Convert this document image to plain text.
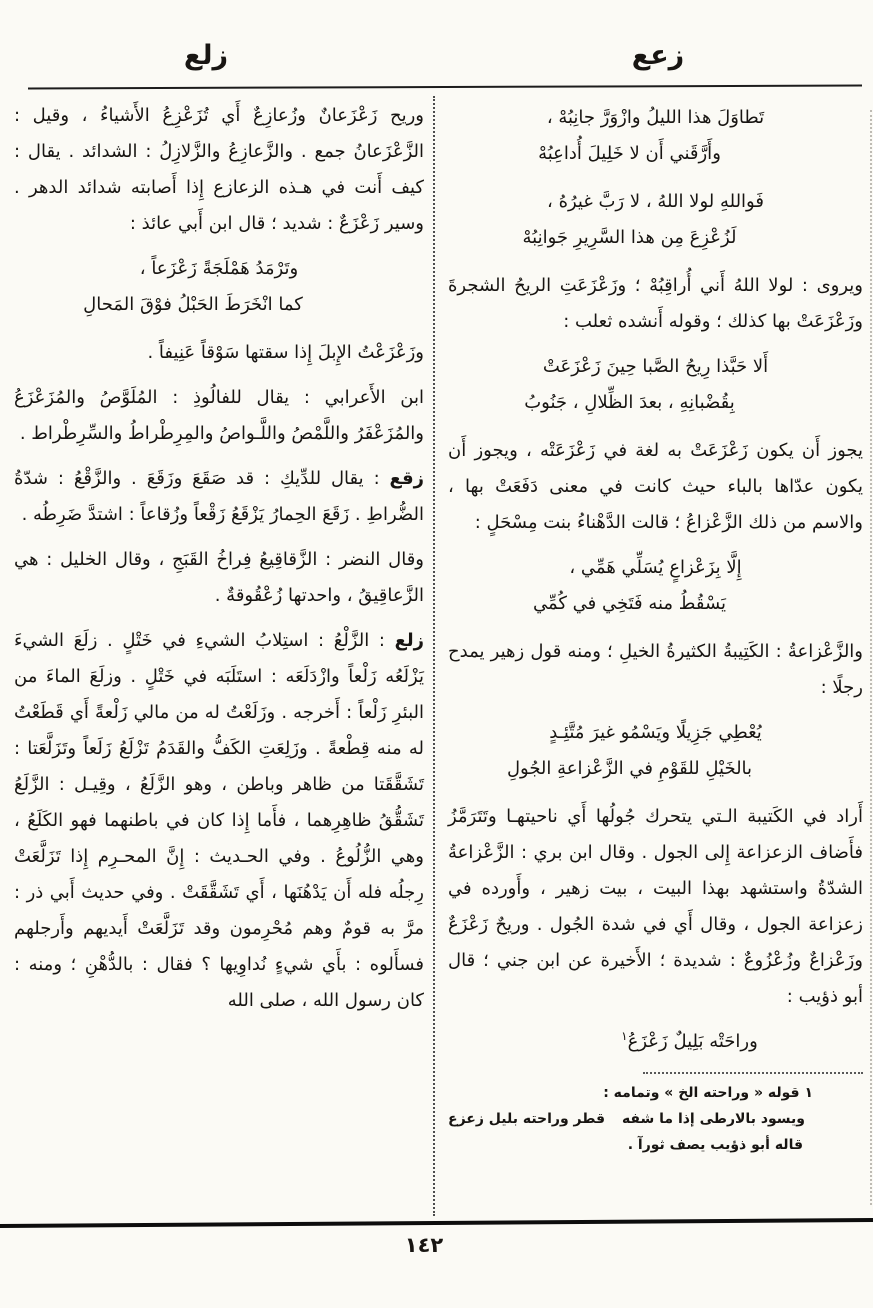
زلع	زعع
تَطاوَلَ هذا الليلُ وازْوَرَّ جانِبُهْ ،
وأَرَّقَني أَن لا خَلِيلَ أُداعِبُهْ
فَواللهِ لولا اللهُ ، لا رَبَّ غيرُهُ ،
لَزُعْزِعَ مِن هذا السَّرِيرِ جَوانِبُهْ
ويروى : لولا اللهُ أَني أُراقِبُهْ ؛ وزَعْزَعَتِ الريحُ الشجرةَ وزَعْزَعَتْ بها كذلك ؛ وقوله أَنشده ثعلب :
أَلا حَبَّذا رِيحُ الصَّبا حِينَ زَعْزَعَتْ
بِقُضْبانِهِ ، بعدَ الظِّلالِ ، جَنُوبُ
يجوز أَن يكون زَعْزَعَتْ به لغة في زَعْزَعَتْه ، ويجوز أَن يكون عدّاها بالباء حيث كانت في معنى دَفَعَتْ بها ، والاسم من ذلك الزَّعْزاعُ ؛ قالت الدَّهْناءُ بنت مِسْحَلٍ :
إِلَّا بِزَعْزاعٍ يُسَلِّي هَمِّي ،
يَسْقُطُ منه فَتَخِي في كُمِّي
والزَّعْزاعةُ : الكَتِيبةُ الكثيرةُ الخيلِ ؛ ومنه قول زهير يمدح رجلًا :
يُعْطِي جَزِيلًا ويَسْمُو غيرَ مُتَّئِـدٍ
بالخَيْلِ للقَوْمِ في الزَّعْزاعةِ الجُولِ
أَراد في الكَتيبة الـتي يتحرك جُولُها أَي ناحيتهـا وتَتَرَمَّزُ فأَضاف الزعزاعة إِلى الجول . وقال ابن بري : الزَّعْزاعةُ الشدّةُ واستشهد بهذا البيت ، بيت زهير ، وأَورده في زعزاعة الجول ، وقال أَي في شدة الجُول . وريحٌ زَعْزَعٌ وزَعْزاعٌ وزُعْزُوعٌ : شديدة ؛ الأَخيرة عن ابن جني ؛ قال أبو ذؤيب :
وراحَتْه بَلِيلٌ زَعْزَعُ$^١$
١ قوله « وراحته الخ » وتمامه :
ويسود بالارطى إذا ما شفه
قطر وراحته بليل زعزع
قاله أبو ذؤيب يصف ثورآ .
وريح زَعْزَعانٌ وزُعازِعٌ أَي تُزَعْزِعُ الأَشياءُ ، وقيل : الزَّعْزَعانُ جمع . والزَّعازِعُ والزَّلازِلُ : الشدائد . يقال : كيف أَنت في هـذه الزعازع إِذا أَصابته شدائد الدهر . وسير زَعْزَعٌ : شديد ؛ قال ابن أَبي عائذ :
وتَرْمَدُ هَمْلَجَةً زَعْزَعاً ،
كما انْخَرَطَ الحَبْلُ فوْقَ المَحالِ
وزَعْزَعْتُ الإِبلَ إِذا سقتها سَوْقاً عَنِيفاً .
ابن الأَعرابي : يقال للفالُوذِ : المُلَوَّصُ والمُزَعْزَعُ والمُزَعْفَرُ واللَّمْصُ واللَّـواصُ والمِرِطْراطُ والسِّرِطْراط .
زقع : يقال للدِّيكِ : قد صَقَعَ وزَقَعَ . والزَّقْعُ : شدّةُ الضُّراطِ . زَقَعَ الحِمارُ يَزْقَعُ زَقْعاً وزُقاعاً : اشتدَّ ضَرِطُه .
وقال النضر : الزَّقاقِيعُ فِراخُ القَبَجِ ، وقال الخليل : هي الزَّعاقِيقُ ، واحدتها زُعْقُوقةٌ .
زلع : الزَّلْعُ : استِلابُ الشيءِ في خَتْلٍ . زلَعَ الشيءَ يَزْلَعُه زَلْعاً وازْدَلَعَه : استَلَبَه في خَتْلٍ . وزلَعَ الماءَ من البئرِ زَلْعاً : أَخرجه . وزَلَعْتُ له من مالي زَلْعةً أَي قَطَعْتُ له منه قِطْعةً . وزَلِعَتِ الكَفُّ والقَدَمُ تَزْلَعُ زَلَعاً وتَزَلَّعَتا : تَشَقَّقَتا من ظاهر وباطن ، وهو الزَّلَعُ ، وقِيـل : الزَّلَعُ تَشَقُّقُ ظاهِرِهما ، فأَما إِذا كان في باطنهما فهو الكَلَعُ ، وهي الزُّلُوعُ . وفي الحـديث : إِنَّ المحـرِم إِذا تَزَلَّعَتْ رِجلُه فله أَن يَدْهُنَها ، أَي تَشَقَّقَتْ . وفي حديث أَبي ذر : مرَّ به قومٌ وهم مُحْرِمون وقد تَزَلَّعَتْ أَيديهم وأَرجلهم فسأَلوه : بأَي شيءٍ نُداوِيها ؟ فقال : بالدُّهْنِ ؛ ومنه : كان رسول الله ، صلى الله
١٤٢
